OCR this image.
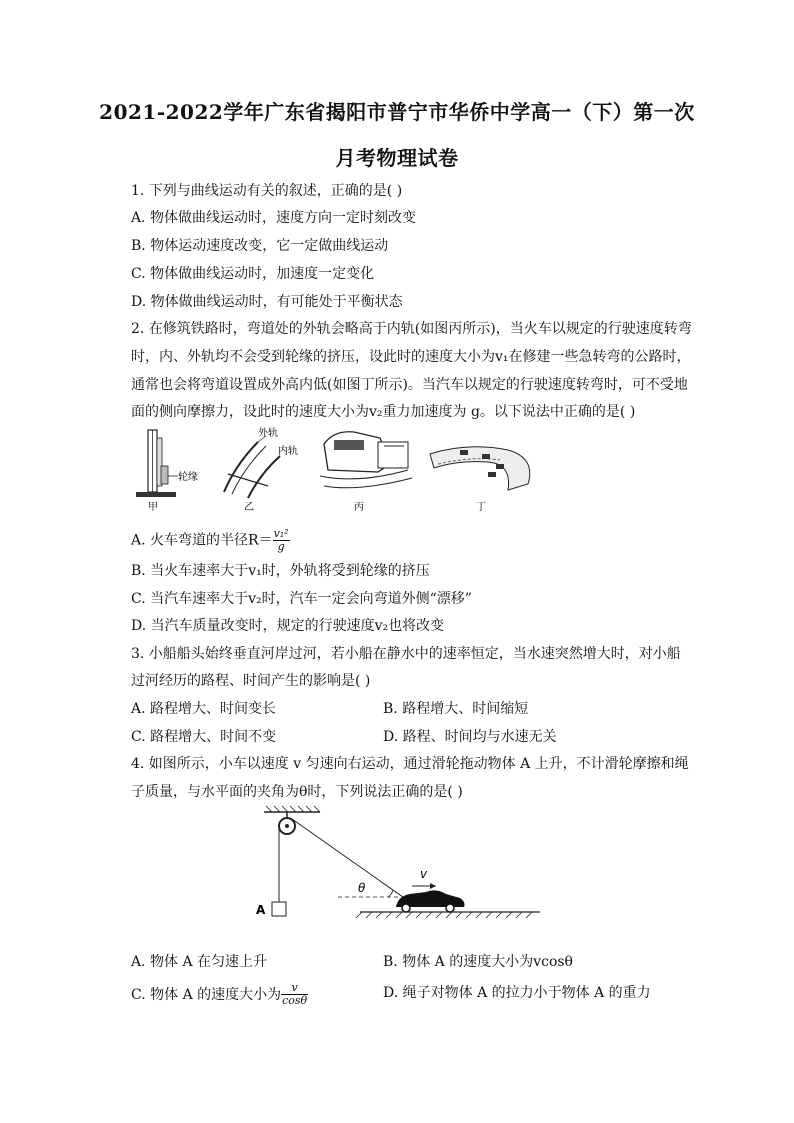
2021-2022学年广东省揭阳市普宁市华侨中学高一（下）第一次
月考物理试卷
1. 下列与曲线运动有关的叙述，正确的是( )
A. 物体做曲线运动时，速度方向一定时刻改变
B. 物体运动速度改变，它一定做曲线运动
C. 物体做曲线运动时，加速度一定变化
D. 物体做曲线运动时，有可能处于平衡状态
2. 在修筑铁路时，弯道处的外轨会略高于内轨(如图丙所示)，当火车以规定的行驶速度转弯
时，内、外轨均不会受到轮缘的挤压，设此时的速度大小为v₁在修建一些急转弯的公路时，
通常也会将弯道设置成外高内低(如图丁所示)。当汽车以规定的行驶速度转弯时，可不受地
面的侧向摩擦力，设此时的速度大小为v₂重力加速度为 g。以下说法中正确的是( )
轮缘
甲
外轨
内轨
乙	丙	丁
A. 火车弯道的半径$R= \frac{\text{v₁²}}{g}$
B. 当火车速率大于v₁时，外轨将受到轮缘的挤压
C. 当汽车速率大于v₂时，汽车一定会向弯道外侧“漂移”
D. 当汽车质量改变时，规定的行驶速度v₂也将改变
3. 小船船头始终垂直河岸过河，若小船在静水中的速率恒定，当水速突然增大时，对小船
过河经历的路程、时间产生的影响是( )
A. 路程增大、时间变长	B. 路程增大、时间缩短
C. 路程增大、时间不变	D. 路程、时间均与水速无关
4. 如图所示，小车以速度 v 匀速向右运动，通过滑轮拖动物体 A 上升，不计滑轮摩擦和绳
子质量，与水平面的夹角为θ时，下列说法正确的是( )
A
θ
v
A. 物体 A 在匀速上升	B. 物体 A 的速度大小为vcosθ
C. 物体 A 的速度大小为 $\frac{v}{\cos\theta}$	D. 绳子对物体 A 的拉力小于物体 A 的重力
